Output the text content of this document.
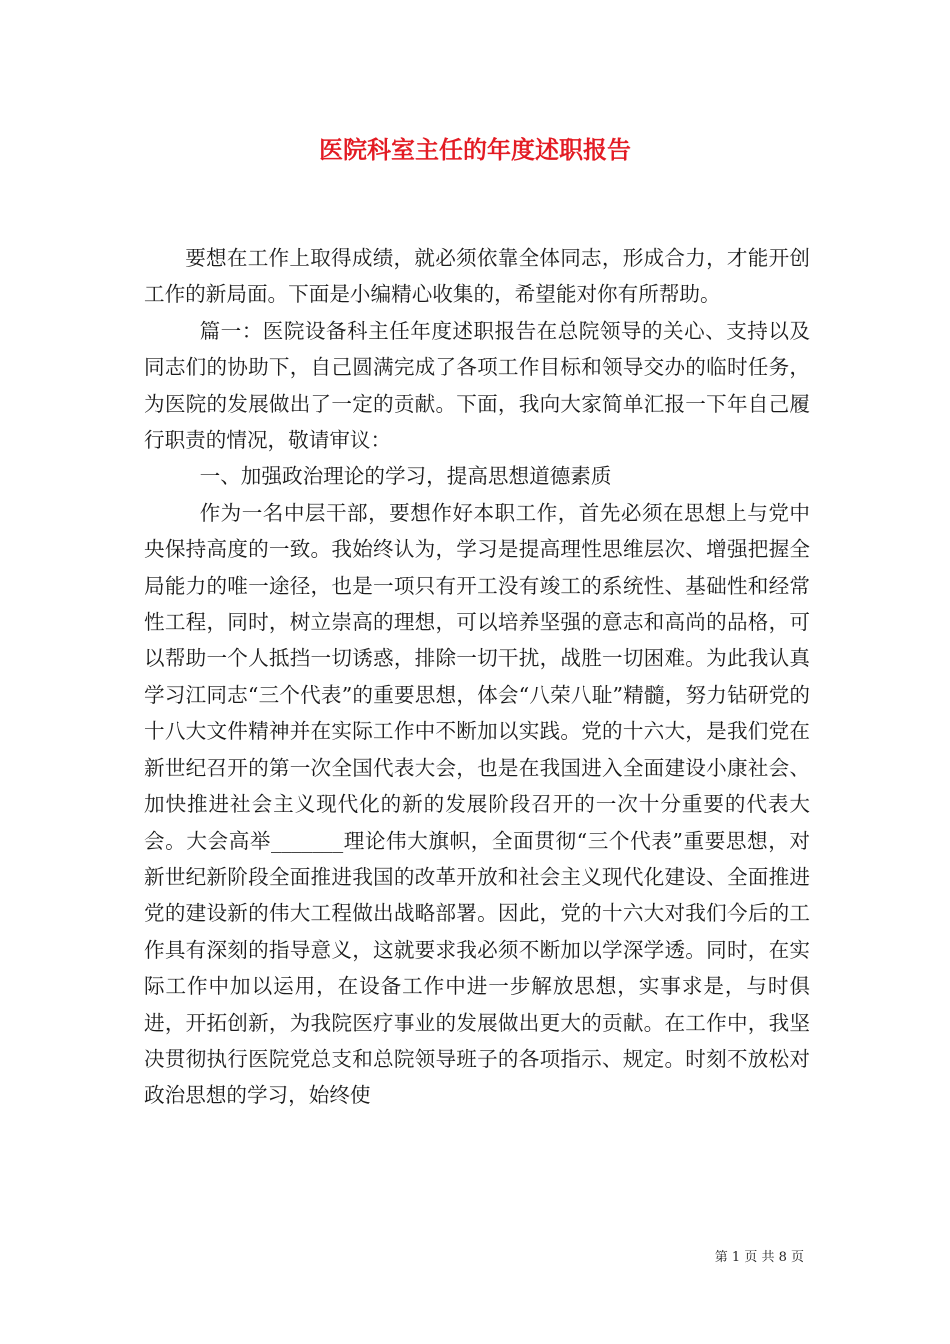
医院科室主任的年度述职报告

要想在工作上取得成绩，就必须依靠全体同志，形成合力，才能开创工作的新局面。下面是小编精心收集的，希望能对你有所帮助。

篇一：医院设备科主任年度述职报告在总院领导的关心、支持以及同志们的协助下，自己圆满完成了各项工作目标和领导交办的临时任务，为医院的发展做出了一定的贡献。下面，我向大家简单汇报一下年自己履行职责的情况，敬请审议：

一、加强政治理论的学习，提高思想道德素质

作为一名中层干部，要想作好本职工作，首先必须在思想上与党中央保持高度的一致。我始终认为，学习是提高理性思维层次、增强把握全局能力的唯一途径，也是一项只有开工没有竣工的系统性、基础性和经常性工程，同时，树立崇高的理想，可以培养坚强的意志和高尚的品格，可以帮助一个人抵挡一切诱惑，排除一切干扰，战胜一切困难。为此我认真学习江同志“三个代表”的重要思想，体会“八荣八耻”精髓，努力钻研党的十八大文件精神并在实际工作中不断加以实践。党的十六大，是我们党在新世纪召开的第一次全国代表大会，也是在我国进入全面建设小康社会、加快推进社会主义现代化的新的发展阶段召开的一次十分重要的代表大会。大会高举_______理论伟大旗帜，全面贯彻“三个代表”重要思想，对新世纪新阶段全面推进我国的改革开放和社会主义现代化建设、全面推进党的建设新的伟大工程做出战略部署。因此，党的十六大对我们今后的工作具有深刻的指导意义，这就要求我必须不断加以学深学透。同时，在实际工作中加以运用，在设备工作中进一步解放思想，实事求是，与时俱进，开拓创新，为我院医疗事业的发展做出更大的贡献。在工作中，我坚决贯彻执行医院党总支和总院领导班子的各项指示、规定。时刻不放松对政治思想的学习，始终使

第 1 页 共 8 页
